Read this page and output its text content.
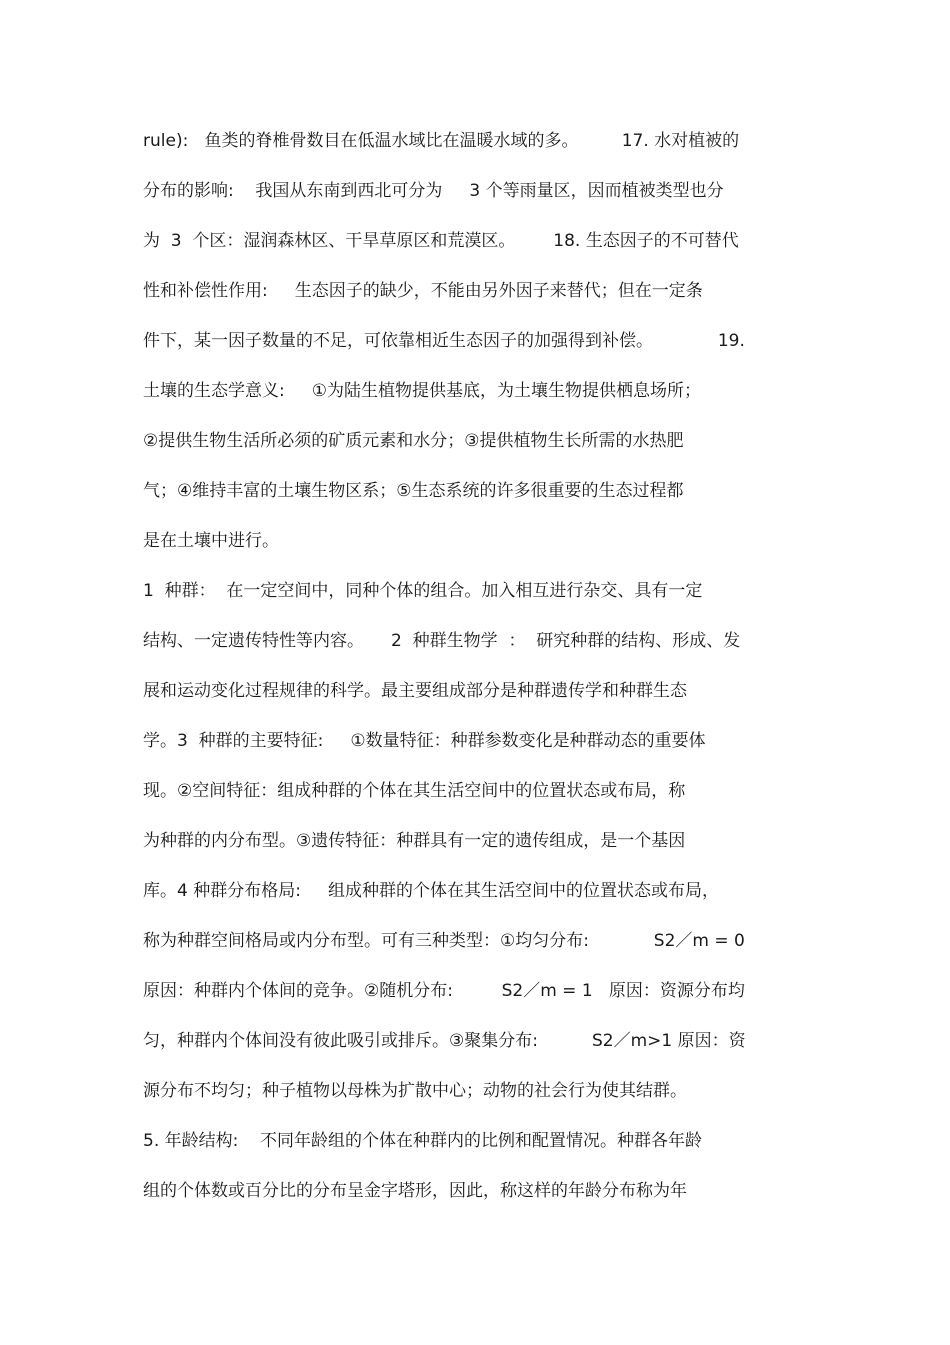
rule):   鱼类的脊椎骨数目在低温水域比在温暖水域的多。        17. 水对植被的
分布的影响:    我国从东南到西北可分为     3 个等雨量区，因而植被类型也分
为  3  个区：湿润森林区、干旱草原区和荒漠区。       18. 生态因子的不可替代
性和补偿性作用:     生态因子的缺少，不能由另外因子来替代；但在一定条
件下，某一因子数量的不足，可依靠相近生态因子的加强得到补偿。            19.
土壤的生态学意义:     ①为陆生植物提供基底，为土壤生物提供栖息场所；
②提供生物生活所必须的矿质元素和水分；③提供植物生长所需的水热肥
气；④维持丰富的土壤生物区系；⑤生态系统的许多很重要的生态过程都
是在土壤中进行。
1  种群：  在一定空间中，同种个体的组合。加入相互进行杂交、具有一定
结构、一定遗传特性等内容。     2  种群生物学  ：  研究种群的结构、形成、发
展和运动变化过程规律的科学。最主要组成部分是种群遗传学和种群生态
学。3  种群的主要特征:     ①数量特征：种群参数变化是种群动态的重要体
现。②空间特征：组成种群的个体在其生活空间中的位置状态或布局，称
为种群的内分布型。③遗传特征：种群具有一定的遗传组成，是一个基因
库。4 种群分布格局:     组成种群的个体在其生活空间中的位置状态或布局，
称为种群空间格局或内分布型。可有三种类型：①均匀分布:            S2／m = 0
原因：种群内个体间的竞争。②随机分布:         S2／m = 1   原因：资源分布均
匀，种群内个体间没有彼此吸引或排斥。③聚集分布:          S2／m>1 原因：资
源分布不均匀；种子植物以母株为扩散中心；动物的社会行为使其结群。
5. 年龄结构:    不同年龄组的个体在种群内的比例和配置情况。种群各年龄
组的个体数或百分比的分布呈金字塔形，因此，称这样的年龄分布称为年
